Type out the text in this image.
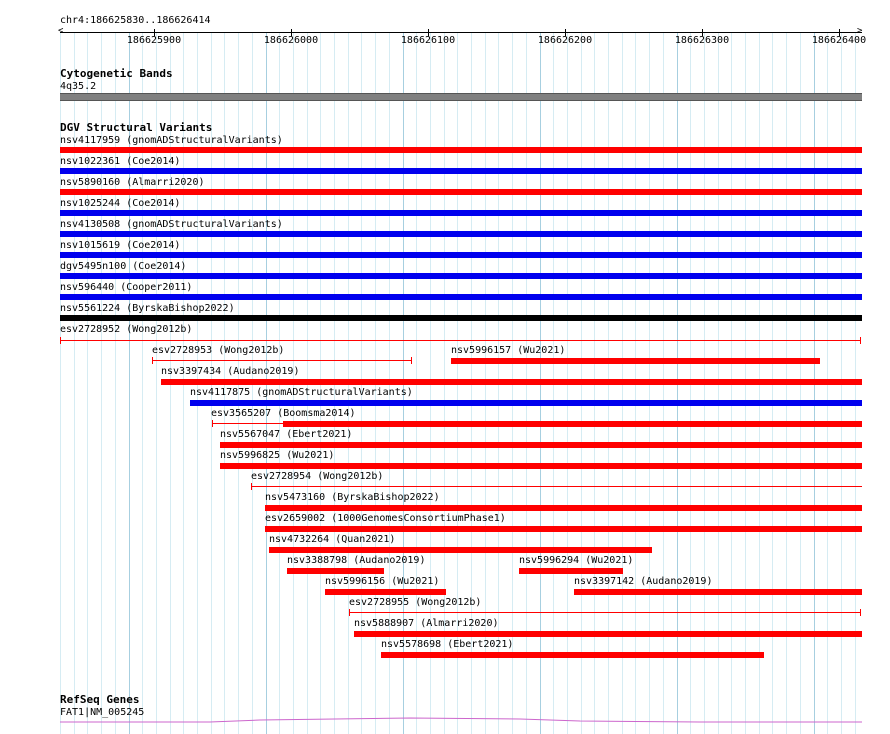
chr4:186625830..186626414
<	>
186625900	186626000	186626100	186626200	186626300	186626400
Cytogenetic Bands
4q35.2
DGV Structural Variants
nsv4117959 (gnomADStructuralVariants)
nsv1022361 (Coe2014)
nsv5890160 (Almarri2020)
nsv1025244 (Coe2014)
nsv4130508 (gnomADStructuralVariants)
nsv1015619 (Coe2014)
dgv5495n100 (Coe2014)
nsv596440 (Cooper2011)
nsv5561224 (ByrskaBishop2022)
esv2728952 (Wong2012b)
esv2728953 (Wong2012b)	nsv5996157 (Wu2021)
nsv3397434 (Audano2019)
nsv4117875 (gnomADStructuralVariants)
esv3565207 (Boomsma2014)
nsv5567047 (Ebert2021)
nsv5996825 (Wu2021)
esv2728954 (Wong2012b)
nsv5473160 (ByrskaBishop2022)
esv2659002 (1000GenomesConsortiumPhase1)
nsv4732264 (Quan2021)
nsv3388798 (Audano2019)	nsv5996294 (Wu2021)
nsv5996156 (Wu2021)	nsv3397142 (Audano2019)
esv2728955 (Wong2012b)
nsv5888907 (Almarri2020)
nsv5578698 (Ebert2021)
RefSeq Genes
FAT1|NM_005245
